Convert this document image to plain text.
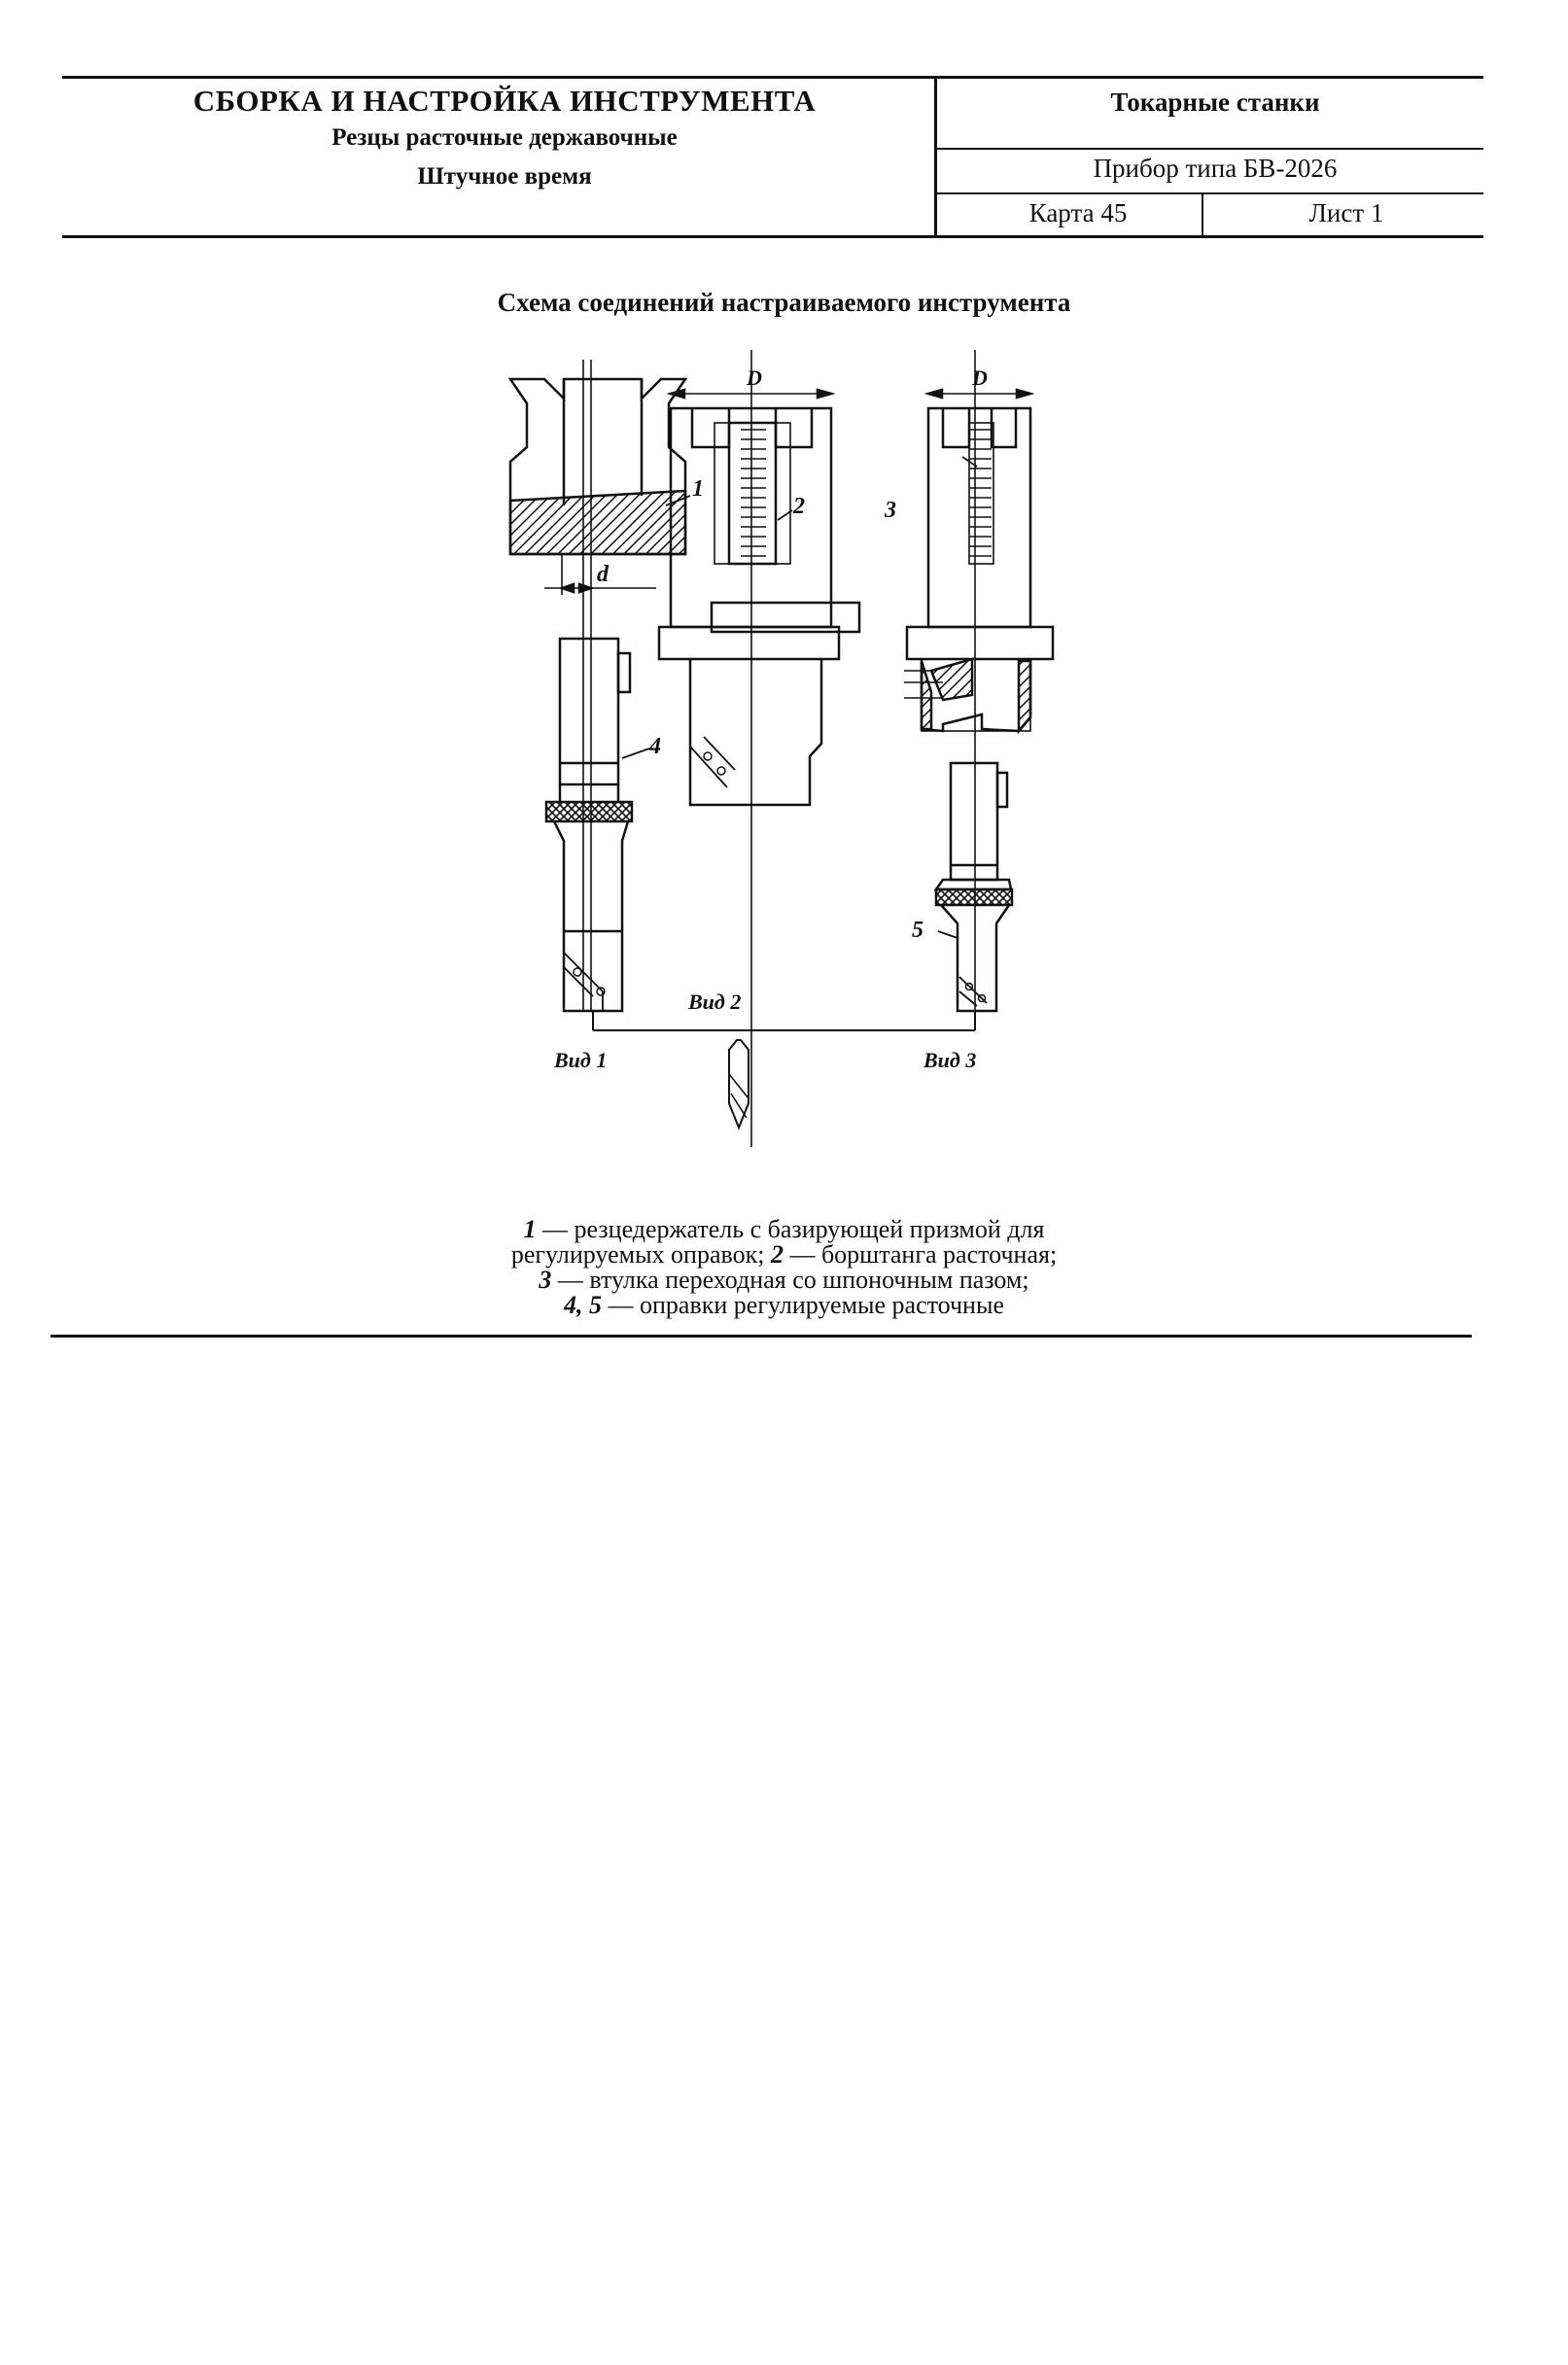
СБОРКА И НАСТРОЙКА ИНСТРУМЕНТА
Резцы расточные державочные
Штучное время
Токарные станки
Прибор типа БВ-2026
Карта 45	Лист 1
Схема соединений настраиваемого инструмента
D	D
d
1
2	3
4
5
Вид 1
Вид 2
Вид 3
1 — резцедержатель с базирующей призмой для
регулируемых оправок; 2 — борштанга расточная;
3 — втулка переходная со шпоночным пазом;
4, 5 — оправки регулируемые расточные
